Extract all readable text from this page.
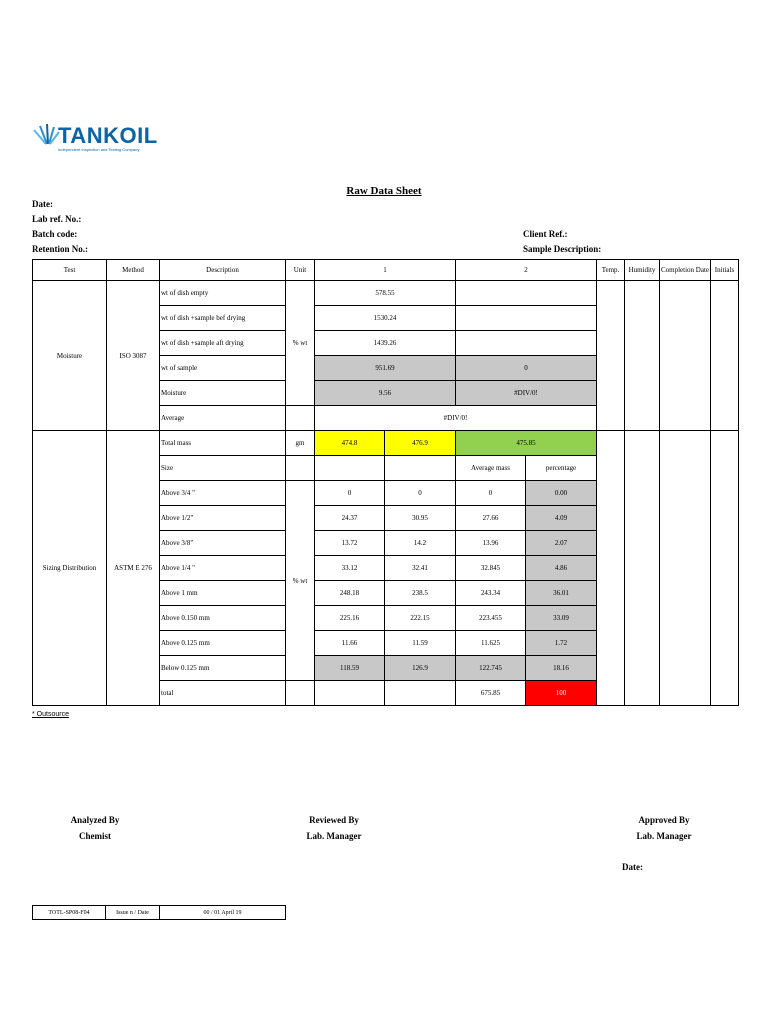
TANKOIL
Independent Inspection and Testing Company
Raw Data Sheet
Date:
Lab ref. No.:
Batch code:
Retention No.:
Client Ref.:
Sample Description:
Test	Method	Description	Unit	1		2		Temp.	Humidity	Completion Date	Initials
Moisture	ISO 3087	wt of dish empty	% wt	578.55							
		wt of dish +sample bef drying		1530.24							
		wt of dish +sample aft drying		1439.26							
		wt of sample		951.69		0					
		Moisture		9.56		#DIV/0!					
		Average		#DIV/0!							
Sizing Distribution	ASTM E 276	Total mass	gm	474.8	476.9	475.85					
		Size				Average mass	percentage				
		Above 3/4 "	% wt	0	0	0	0.00				
		Above 1/2"		24.37	30.95	27.66	4.09				
		Above 3/8"		13.72	14.2	13.96	2.07				
		Above 1/4 "		33.12	32.41	32.845	4.86				
		Above 1 mm		248.18	238.5	243.34	36.01				
		Above 0.150 mm		225.16	222.15	223.455	33.09				
		Above 0.125 mm		11.66	11.59	11.625	1.72				
		Below 0.125 mm		118.59	126.9	122.745	18.16				
		total				675.85	100				
* Outsource
Analyzed By
Chemist
Reviewed By
Lab. Manager
Approved By
Lab. Manager
Date:
TOTL-SP08-F04	Issue n / Date	00 / 01 April 19
